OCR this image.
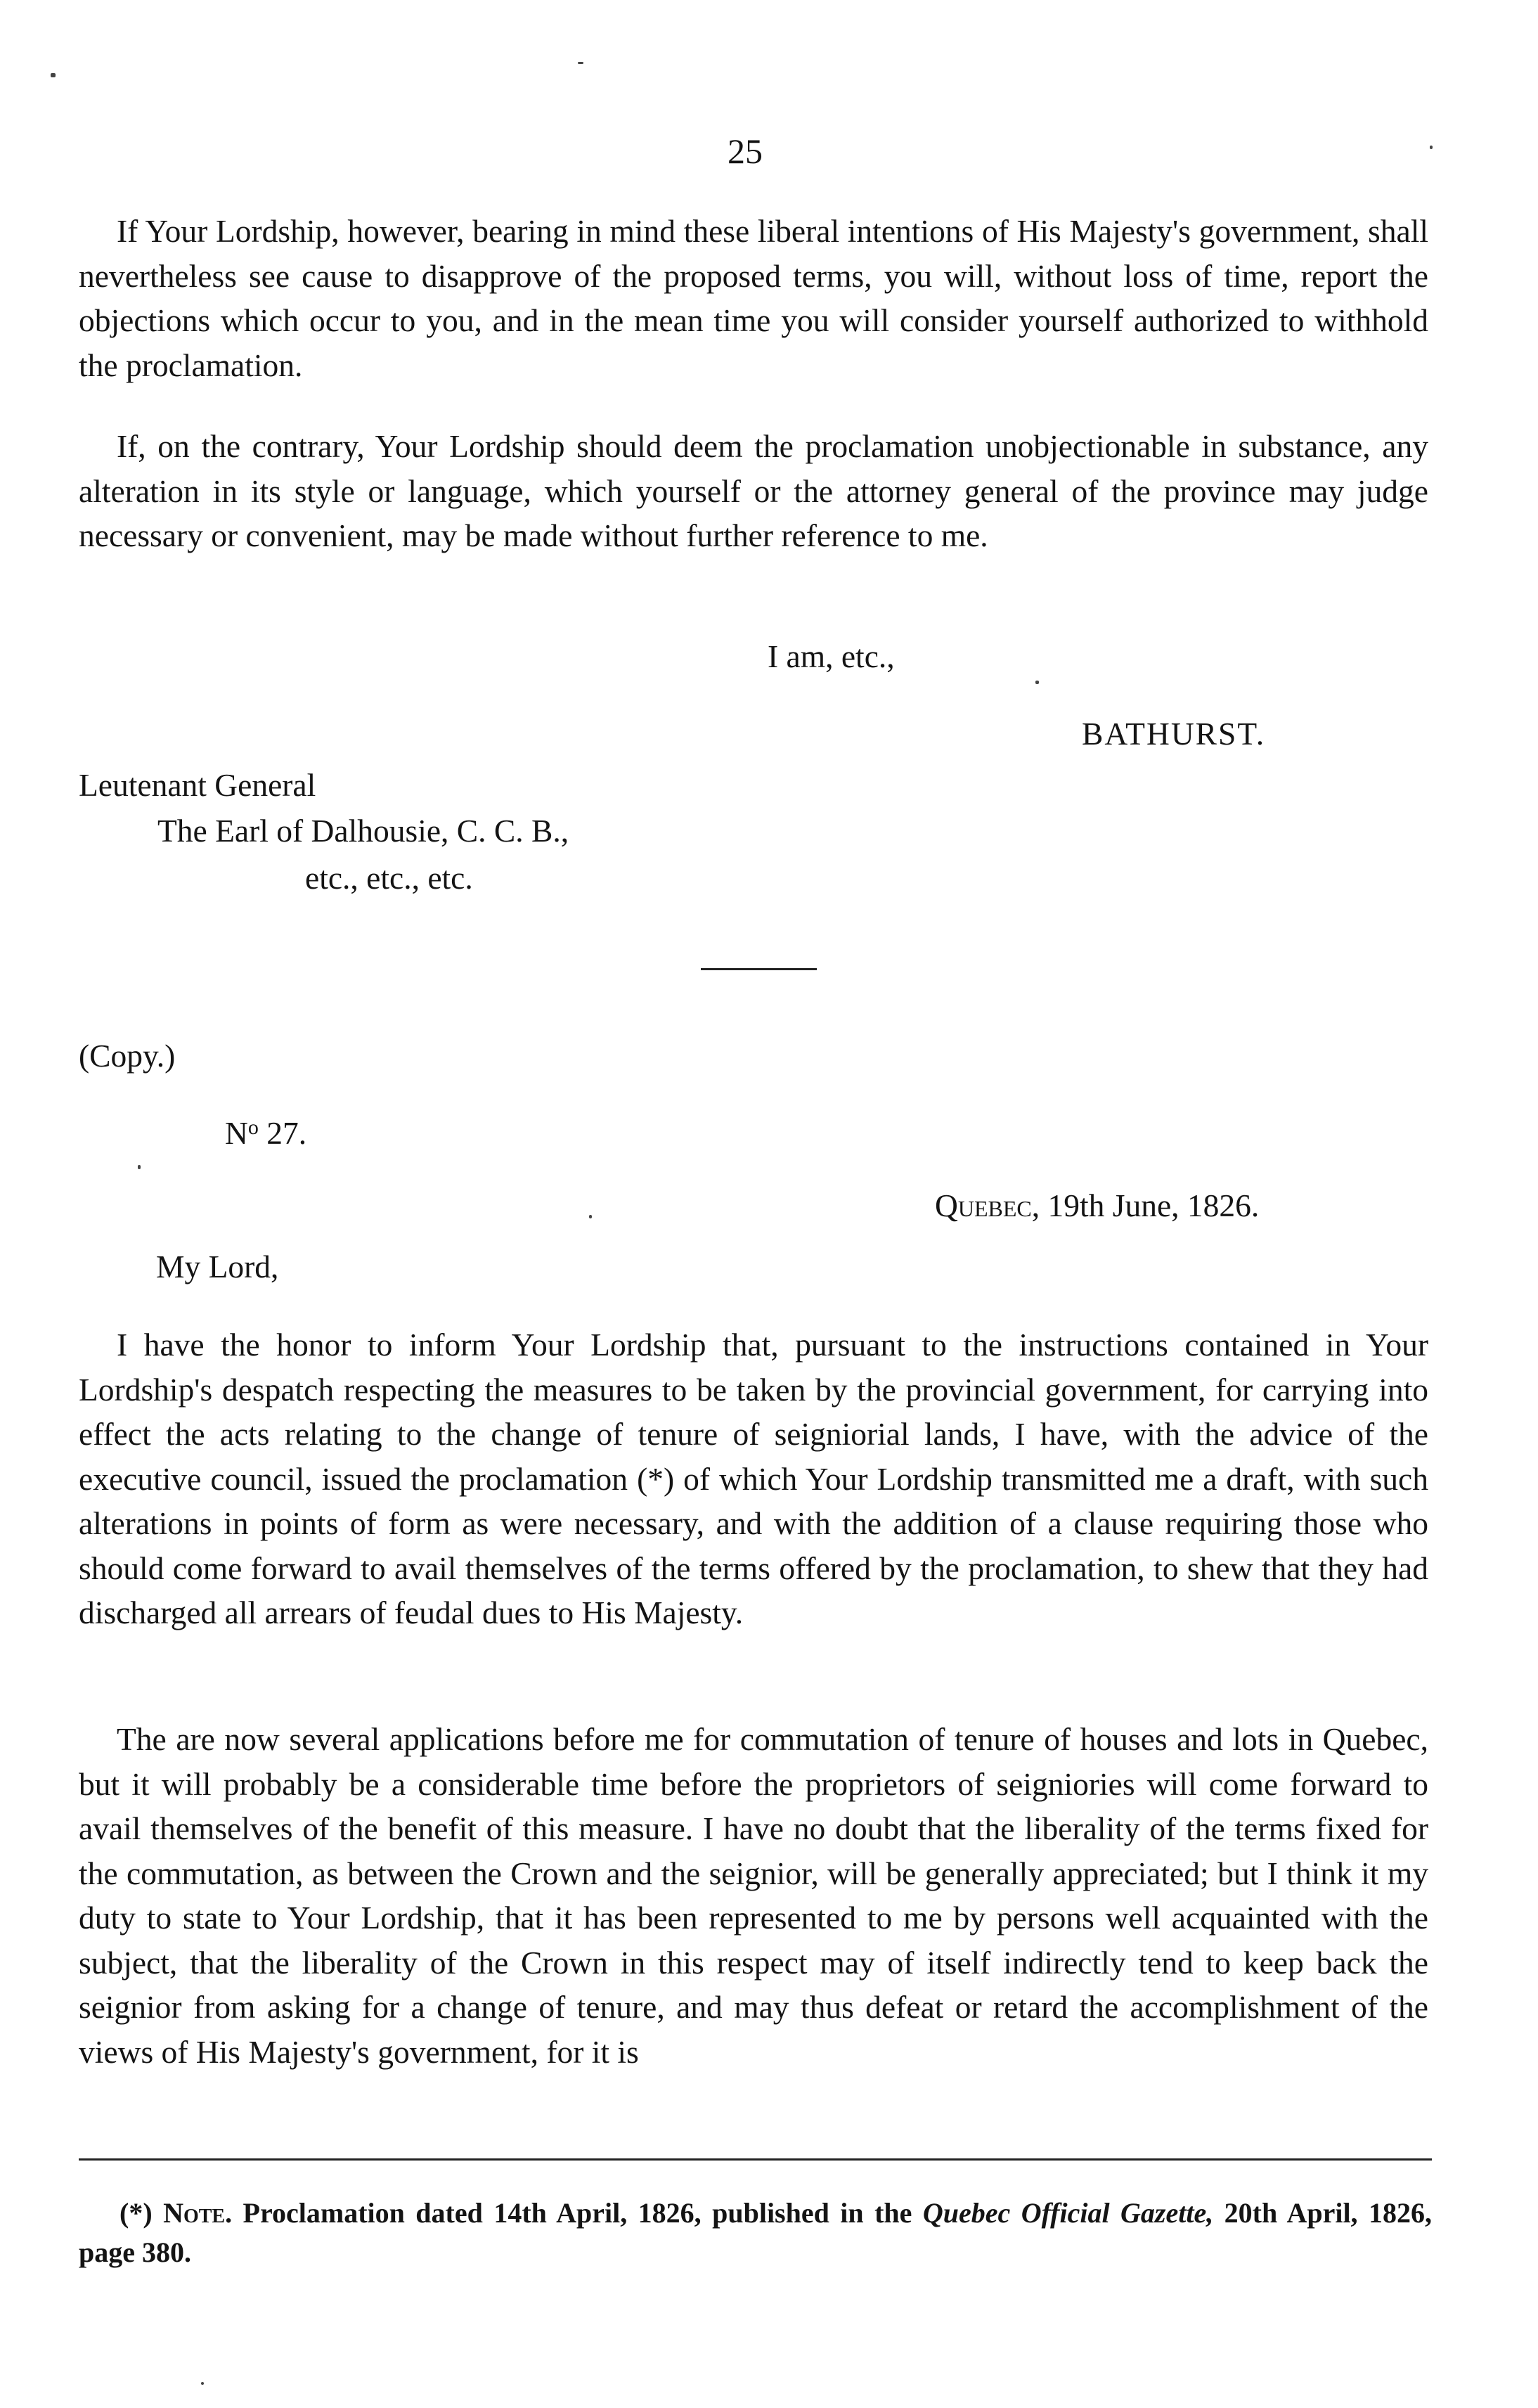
25

If Your Lordship, however, bearing in mind these liberal intentions of His Majesty's government, shall nevertheless see cause to disapprove of the proposed terms, you will, without loss of time, report the objections which occur to you, and in the mean time you will consider yourself authorized to withhold the proclamation.

If, on the contrary, Your Lordship should deem the proclamation unobjectionable in substance, any alteration in its style or language, which yourself or the attorney general of the province may judge necessary or convenient, may be made without further reference to me.

I am, etc.,
BATHURST.
Leutenant General
The Earl of Dalhousie, C. C. B.,
etc., etc., etc.
(Copy.)
$N^o$ 27.
Quebec, 19th June, 1826.
My Lord,

I have the honor to inform Your Lordship that, pursuant to the instructions contained in Your Lordship's despatch respecting the measures to be taken by the provincial government, for carrying into effect the acts relating to the change of tenure of seigniorial lands, I have, with the advice of the executive council, issued the proclamation (*) of which Your Lordship transmitted me a draft, with such alterations in points of form as were necessary, and with the addition of a clause requiring those who should come forward to avail themselves of the terms offered by the proclamation, to shew that they had discharged all arrears of feudal dues to His Majesty.

The are now several applications before me for commutation of tenure of houses and lots in Quebec, but it will probably be a considerable time before the proprietors of seigniories will come forward to avail themselves of the benefit of this measure. I have no doubt that the liberality of the terms fixed for the commutation, as between the Crown and the seignior, will be generally appreciated; but I think it my duty to state to Your Lordship, that it has been represented to me by persons well acquainted with the subject, that the liberality of the Crown in this respect may of itself indirectly tend to keep back the seignior from asking for a change of tenure, and may thus defeat or retard the accomplishment of the views of His Majesty's government, for it is

(*) Note. Proclamation dated 14th April, 1826, published in the Quebec Official Gazette, 20th April, 1826, page 380.
